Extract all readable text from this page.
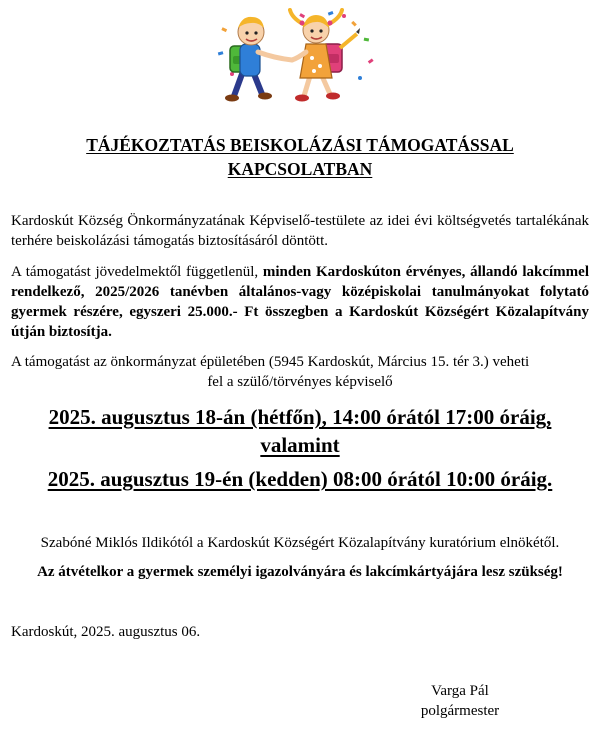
TÁJÉKOZTATÁS BEISKOLÁZÁSI TÁMOGATÁSSAL
KAPCSOLATBAN
Kardoskút Község Önkormányzatának Képviselő-testülete az idei évi költségvetés tartalékának terhére beiskolázási támogatás biztosításáról döntött.
A támogatást jövedelmektől függetlenül, minden Kardoskúton érvényes, állandó lakcímmel rendelkező, 2025/2026 tanévben általános-vagy középiskolai tanulmányokat folytató gyermek részére, egyszeri 25.000.- Ft összegben a Kardoskút Községért Közalapítvány útján biztosítja.
A támogatást az önkormányzat épületében (5945 Kardoskút, Március 15. tér 3.) veheti
fel a szülő/törvényes képviselő
2025. augusztus 18-án (hétfőn), 14:00 órától 17:00 óráig,
valamint
2025. augusztus 19-én (kedden) 08:00 órától 10:00 óráig.
Szabóné Miklós Ildikótól a Kardoskút Községért Közalapítvány kuratórium elnökétől.
Az átvételkor a gyermek személyi igazolványára és lakcímkártyájára lesz szükség!
Kardoskút, 2025. augusztus 06.
Varga Pál
polgármester
